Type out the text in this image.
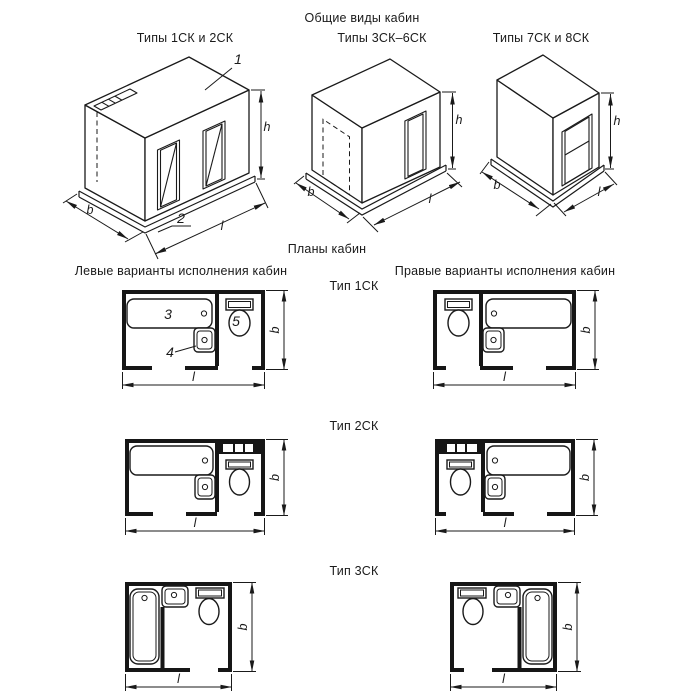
Общие виды кабин
Типы 1СК и 2СК	Типы 3СК–6СК	Типы 7СК и 8СК
Планы кабин
Левые варианты исполнения кабин	Правые варианты исполнения кабин
Тип 1СК
Тип 2СК
Тип 3СК
1
2
h
l
b
h
b	l
h
b	l
3
4
5
b
l
b
l
b
l
b
l
b
l
b
l
